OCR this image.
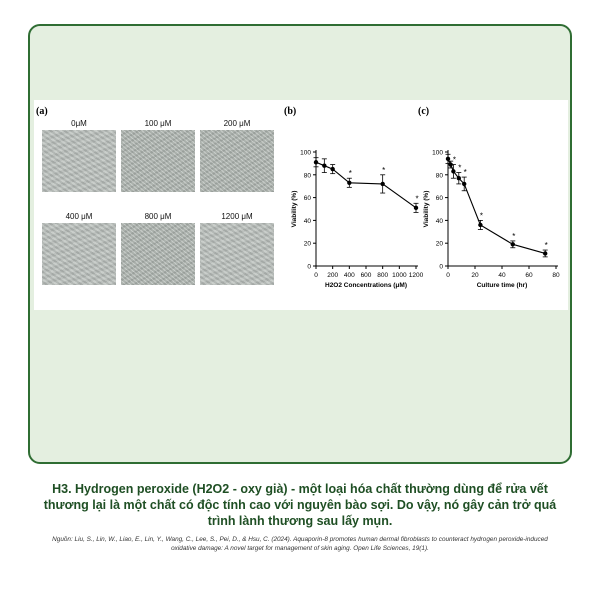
(a)	(b)	(c)
0μM	100 μM	200 μM
400 μM	800 μM	1200 μM
0
20
40
60
80
100
0 200 400 600 800 1000 1200
Viability (%)
H2O2 Concentrations (μM)
*	*
*
0
20
40
60
80
100
0	20	40	60	80
Viability (%)
Culture time (hr)
*
*
*
*
*
*
H3. Hydrogen peroxide (H2O2 - oxy già) - một loại hóa chất thường dùng để rửa vết thương lại là một chất có độc tính cao với nguyên bào sợi. Do vậy, nó gây cản trở quá trình lành thương sau lấy mụn.
Nguồn: Liu, S., Lin, W., Liao, E., Lin, Y., Wang, C., Lee, S., Pei, D., & Hsu, C. (2024). Aquaporin-8 promotes human dermal fibroblasts to counteract hydrogen peroxide-induced oxidative damage: A novel target for management of skin aging. Open Life Sciences, 19(1).
